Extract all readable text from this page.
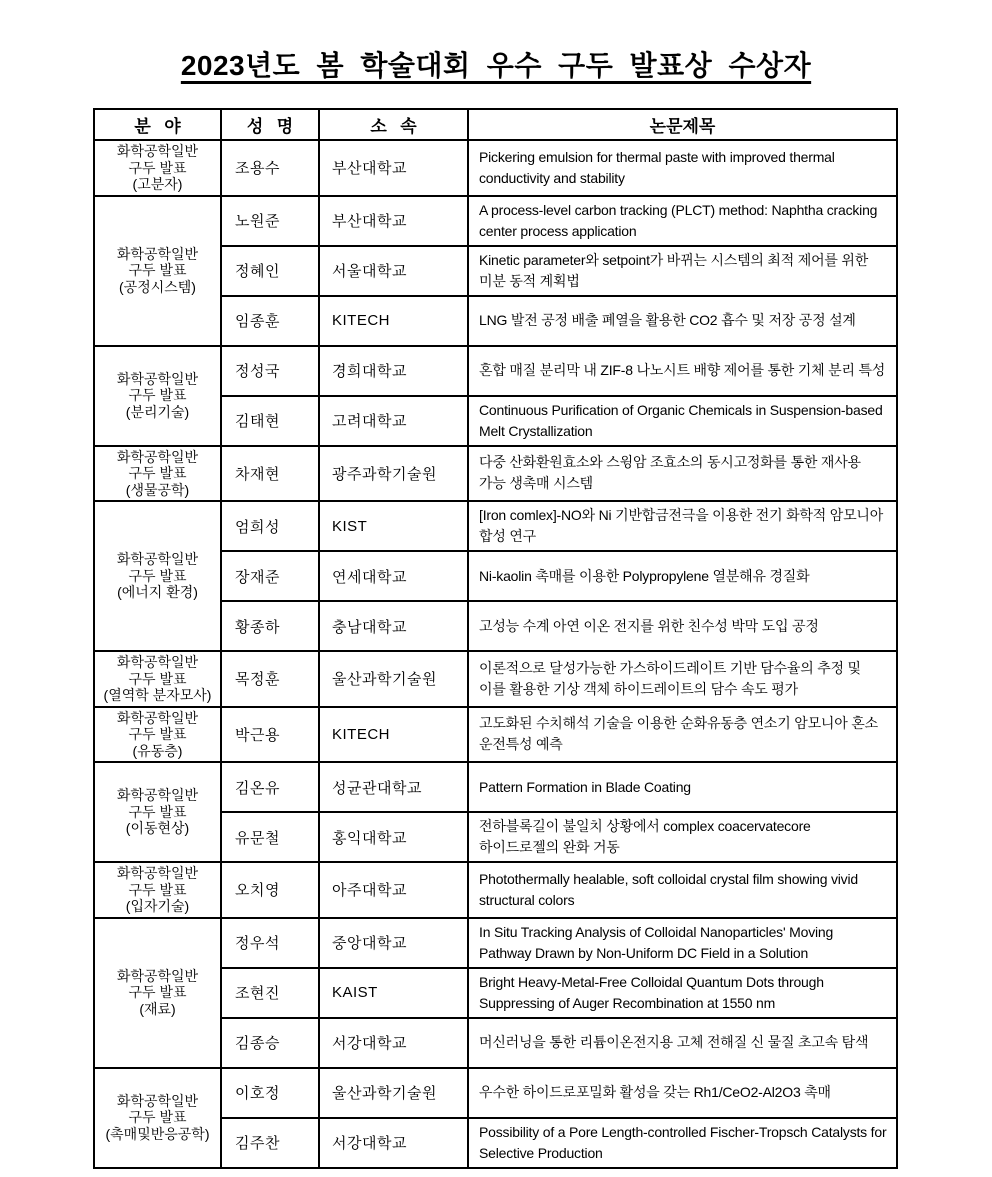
2023년도 봄 학술대회 우수 구두 발표상 수상자
분  야	성  명	소  속	논문제목

화학공학일반
구두 발표
(고분자)	조용수	부산대학교	Pickering emulsion for thermal paste with improved thermal conductivity and stability

화학공학일반
구두 발표
(공정시스템)	노원준	부산대학교	A process-level carbon tracking (PLCT) method: Naphtha cracking center process application
	정혜인	서울대학교	Kinetic parameter와 setpoint가 바뀌는 시스템의 최적 제어를 위한 미분 동적 계획법
	임종훈	KITECH	LNG 발전 공정 배출 폐열을 활용한 CO2 흡수 및 저장 공정 설계

화학공학일반
구두 발표
(분리기술)	정성국	경희대학교	혼합 매질 분리막 내 ZIF-8 나노시트 배향 제어를 통한 기체 분리 특성
	김태현	고려대학교	Continuous Purification of Organic Chemicals in Suspension-based Melt Crystallization

화학공학일반
구두 발표
(생물공학)	차재현	광주과학기술원	다중 산화환원효소와 스윙암 조효소의 동시고정화를 통한 재사용 가능 생촉매 시스템

화학공학일반
구두 발표
(에너지 환경)	엄희성	KIST	[Iron comlex]-NO와 Ni 기반합금전극을 이용한 전기 화학적 암모니아 합성 연구
	장재준	연세대학교	Ni-kaolin 촉매를 이용한 Polypropylene 열분해유 경질화
	황종하	충남대학교	고성능 수계 아연 이온 전지를 위한 친수성 박막 도입 공정

화학공학일반
구두 발표
(열역학 분자모사)	목정훈	울산과학기술원	이론적으로 달성가능한 가스하이드레이트 기반 담수율의 추정 및 이를 활용한 기상 객체 하이드레이트의 담수 속도 평가

화학공학일반
구두 발표
(유동층)	박근용	KITECH	고도화된 수치해석 기술을 이용한 순화유동층 연소기 암모니아 혼소 운전특성 예측

화학공학일반
구두 발표
(이동현상)	김온유	성균관대학교	Pattern Formation in Blade Coating
	유문철	홍익대학교	전하블록길이 불일치 상황에서 complex coacervatecore 하이드로젤의 완화 거동

화학공학일반
구두 발표
(입자기술)	오치영	아주대학교	Photothermally healable, soft colloidal crystal film showing vivid structural colors

화학공학일반
구두 발표
(재료)	정우석	중앙대학교	In Situ Tracking Analysis of Colloidal Nanoparticles' Moving Pathway Drawn by Non-Uniform DC Field in a Solution
	조현진	KAIST	Bright Heavy-Metal-Free Colloidal Quantum Dots through Suppressing of Auger Recombination at 1550 nm
	김종승	서강대학교	머신러닝을 통한 리튬이온전지용 고체 전해질 신 물질 초고속 탐색

화학공학일반
구두 발표
(촉매및반응공학)	이호정	울산과학기술원	우수한 하이드로포밀화 활성을 갖는 Rh1/CeO2-Al2O3 촉매
	김주찬	서강대학교	Possibility of a Pore Length-controlled Fischer-Tropsch Catalysts for Selective Production
